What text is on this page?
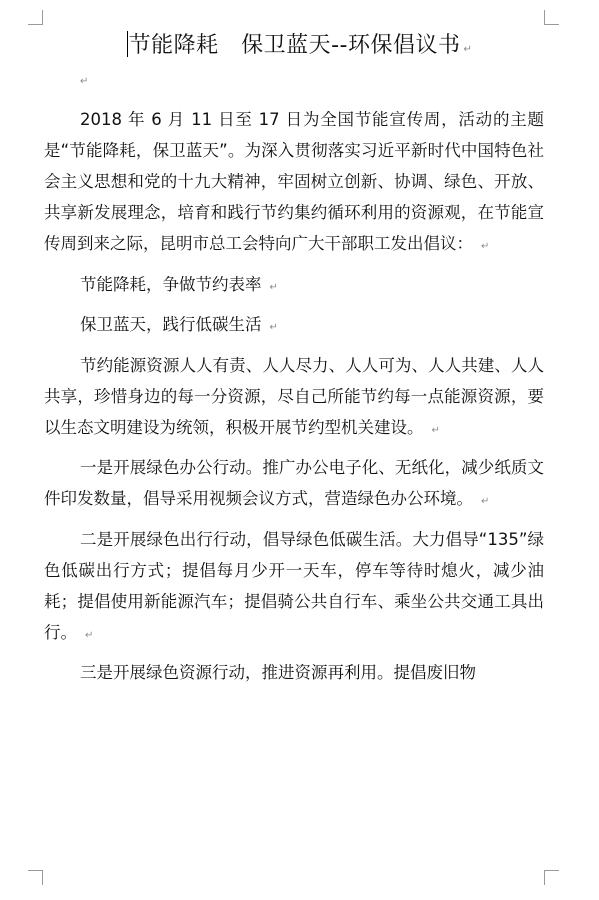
节能降耗　保卫蓝天--环保倡议书 ↵
↵

2018 年 6 月 11 日至 17 日为全国节能宣传周，活动的主题是“节能降耗，保卫蓝天”。为深入贯彻落实习近平新时代中国特色社会主义思想和党的十九大精神，牢固树立创新、协调、绿色、开放、共享新发展理念，培育和践行节约集约循环利用的资源观，在节能宣传周到来之际，昆明市总工会特向广大干部职工发出倡议： ↵

节能降耗，争做节约表率 ↵

保卫蓝天，践行低碳生活 ↵

节约能源资源人人有责、人人尽力、人人可为、人人共建、人人共享，珍惜身边的每一分资源，尽自己所能节约每一点能源资源，要以生态文明建设为统领，积极开展节约型机关建设。 ↵

一是开展绿色办公行动。推广办公电子化、无纸化，减少纸质文件印发数量，倡导采用视频会议方式，营造绿色办公环境。 ↵

二是开展绿色出行行动，倡导绿色低碳生活。大力倡导“135”绿色低碳出行方式；提倡每月少开一天车，停车等待时熄火，减少油耗；提倡使用新能源汽车；提倡骑公共自行车、乘坐公共交通工具出行。 ↵

三是开展绿色资源行动，推进资源再利用。提倡废旧物
